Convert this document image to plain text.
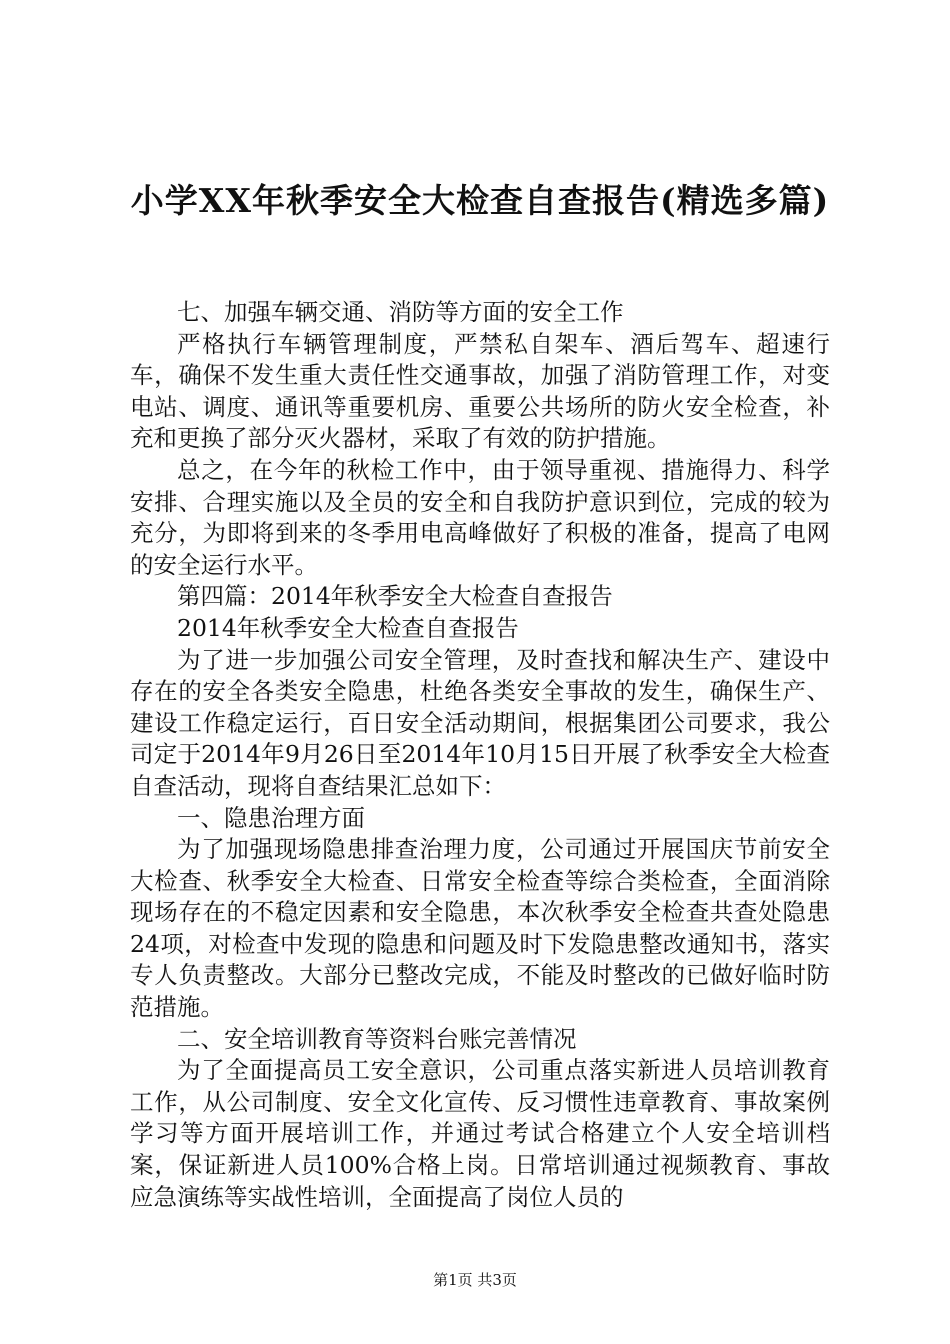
小学XX年秋季安全大检查自查报告(精选多篇)

七、加强车辆交通、消防等方面的安全工作

严格执行车辆管理制度，严禁私自架车、酒后驾车、超速行车，确保不发生重大责任性交通事故，加强了消防管理工作，对变电站、调度、通讯等重要机房、重要公共场所的防火安全检查，补充和更换了部分灭火器材，采取了有效的防护措施。

总之，在今年的秋检工作中，由于领导重视、措施得力、科学安排、合理实施以及全员的安全和自我防护意识到位，完成的较为充分，为即将到来的冬季用电高峰做好了积极的准备，提高了电网的安全运行水平。

第四篇：2014年秋季安全大检查自查报告

2014年秋季安全大检查自查报告

为了进一步加强公司安全管理，及时查找和解决生产、建设中存在的安全各类安全隐患，杜绝各类安全事故的发生，确保生产、建设工作稳定运行，百日安全活动期间，根据集团公司要求，我公司定于2014年9月26日至2014年10月15日开展了秋季安全大检查自查活动，现将自查结果汇总如下：

一、隐患治理方面

为了加强现场隐患排查治理力度，公司通过开展国庆节前安全大检查、秋季安全大检查、日常安全检查等综合类检查，全面消除现场存在的不稳定因素和安全隐患，本次秋季安全检查共查处隐患24项，对检查中发现的隐患和问题及时下发隐患整改通知书，落实专人负责整改。大部分已整改完成，不能及时整改的已做好临时防范措施。

二、安全培训教育等资料台账完善情况

为了全面提高员工安全意识，公司重点落实新进人员培训教育工作，从公司制度、安全文化宣传、反习惯性违章教育、事故案例学习等方面开展培训工作，并通过考试合格建立个人安全培训档案，保证新进人员100%合格上岗。日常培训通过视频教育、事故应急演练等实战性培训，全面提高了岗位人员的

第1页 共3页
